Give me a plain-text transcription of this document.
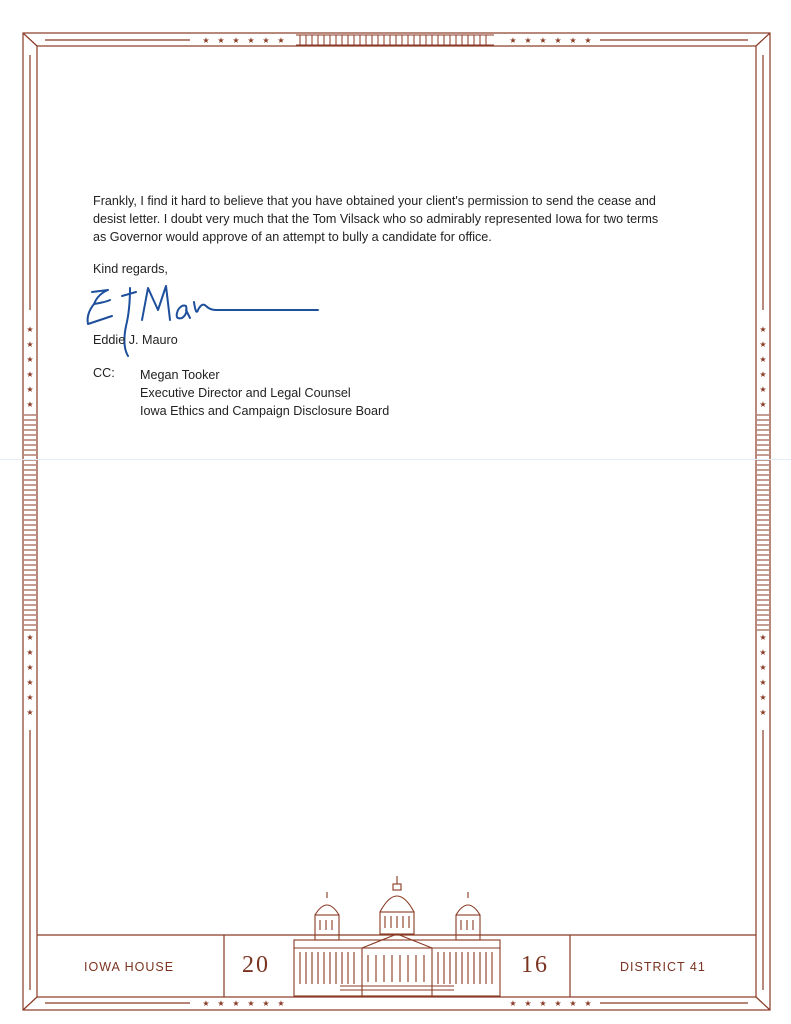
★ ★ ★ ★ ★ ★	★ ★ ★ ★ ★ ★
★ ★ ★ ★ ★ ★	★ ★ ★ ★ ★ ★
★	★
★	★
★	★
★	★
★	★
★	★
★	★
★	★
★	★
★	★
★	★
★	★

Frankly, I find it hard to believe that you have obtained your client's permission to send the cease and

desist letter. I doubt very much that the Tom Vilsack who so admirably represented Iowa for two terms

as Governor would approve of an attempt to bully a candidate for office.

Kind regards,
Eddie J. Mauro
CC: Megan Tooker
Executive Director and Legal Counsel
Iowa Ethics and Campaign Disclosure Board
IOWA HOUSE	20	16	DISTRICT 41
